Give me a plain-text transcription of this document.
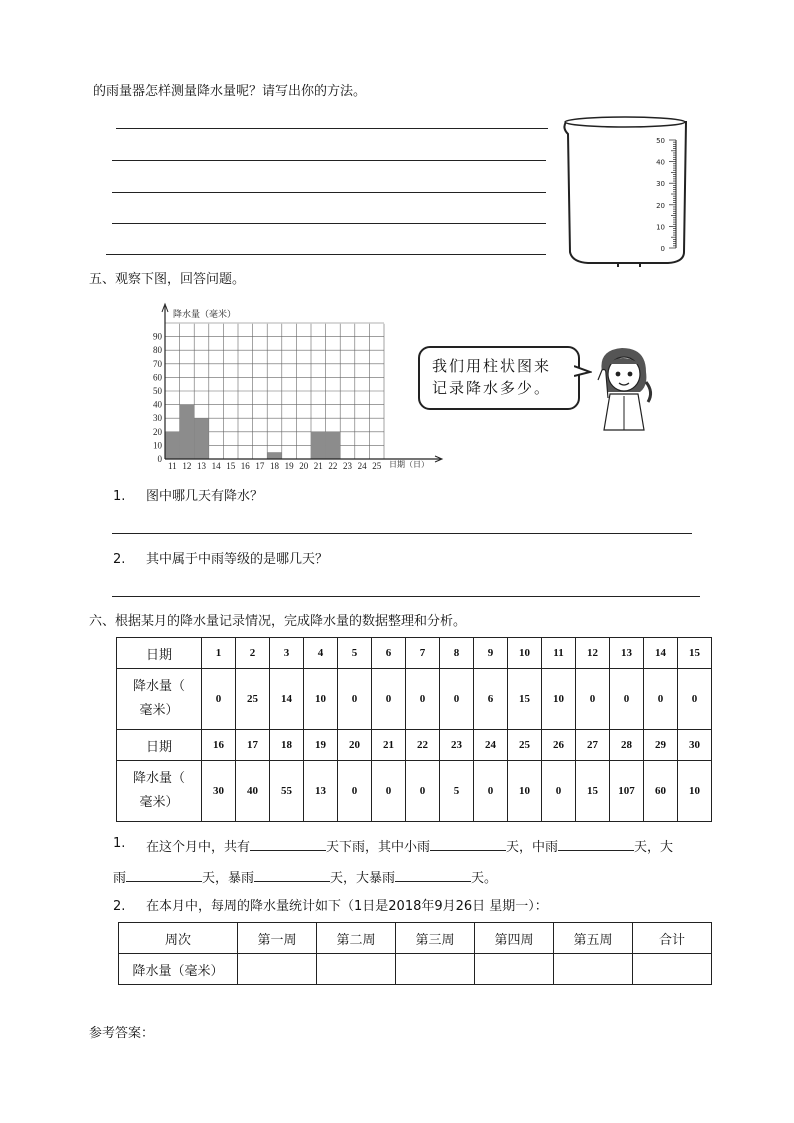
的雨量器怎样测量降水量呢？请写出你的方法。
50
40
30
20
10
0
五、观察下图，回答问题。
0
10
20
30
40
50
60
70
80
90
11 12 13 14 15 16 17 18 19 20 21 22 23 24 25
降水量（毫米）
日期（日）
我们用柱状图来
记录降水多少。
1. 图中哪几天有降水？
2. 其中属于中雨等级的是哪几天？
六、根据某月的降水量记录情况，完成降水量的数据整理和分析。
日期	1	2	3	4	5	6	7	8	9	10	11	12	13	14	15

降水量（
毫米）	0	25	14	10	0	0	0	0	6	15	10	0	0	0	0
日期	16	17	18	19	20	21	22	23	24	25	26	27	28	29	30

降水量（
毫米）	30	40	55	13	0	0	0	5	0	10	0	15	107	60	10
1. 在这个月中，共有	天下雨，其中小雨	天，中雨	天，大
雨	天，暴雨	天，大暴雨	天。
2. 在本月中，每周的降水量统计如下（1日是2018年9月26日 星期一）：
周次	第一周	第二周	第三周	第四周	第五周	合计
降水量（毫米）						
参考答案：
